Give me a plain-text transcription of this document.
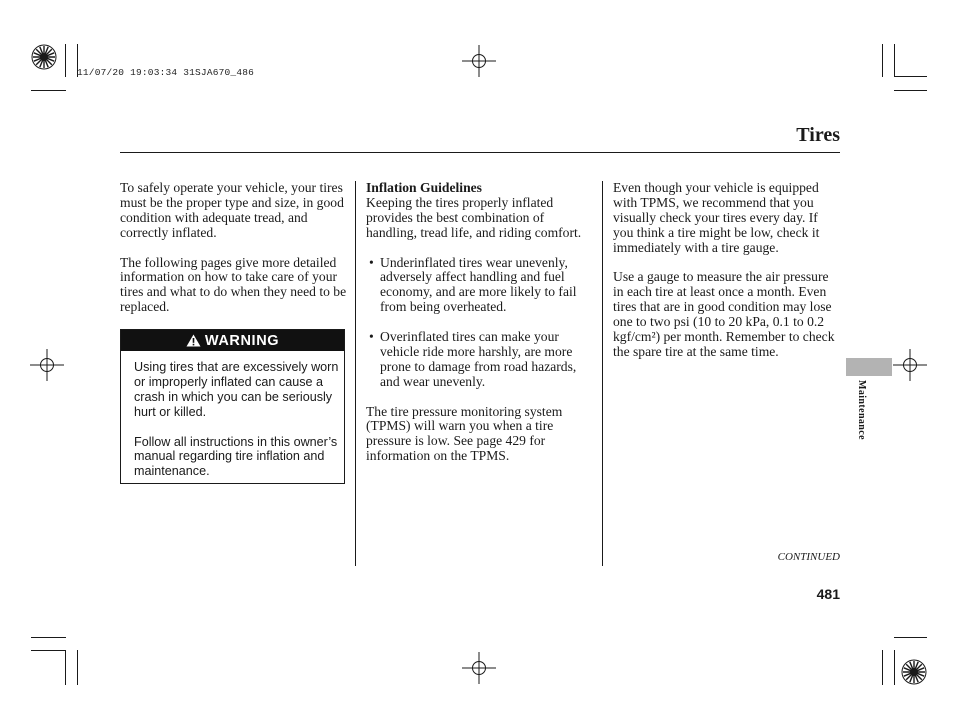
11/07/20 19:03:34 31SJA670_486
Tires

To safely operate your vehicle, your tires must be the proper type and size, in good condition with adequate tread, and correctly inflated.

The following pages give more detailed information on how to take care of your tires and what to do when they need to be replaced.

WARNING

Using tires that are excessively worn or improperly inflated can cause a crash in which you can be seriously hurt or killed.

Follow all instructions in this owner’s manual regarding tire inflation and maintenance.

Inflation Guidelines

Keeping the tires properly inflated provides the best combination of handling, tread life, and riding comfort.

• Underinflated tires wear unevenly, adversely affect handling and fuel economy, and are more likely to fail from being overheated.
• Overinflated tires can make your vehicle ride more harshly, are more prone to damage from road hazards, and wear unevenly.

The tire pressure monitoring system (TPMS) will warn you when a tire pressure is low. See page 429 for information on the TPMS.

Even though your vehicle is equipped with TPMS, we recommend that you visually check your tires every day. If you think a tire might be low, check it immediately with a tire gauge.

Use a gauge to measure the air pressure in each tire at least once a month. Even tires that are in good condition may lose one to two psi (10 to 20 kPa, 0.1 to 0.2 kgf/cm²) per month. Remember to check the spare tire at the same time.

Maintenance
CONTINUED
481
